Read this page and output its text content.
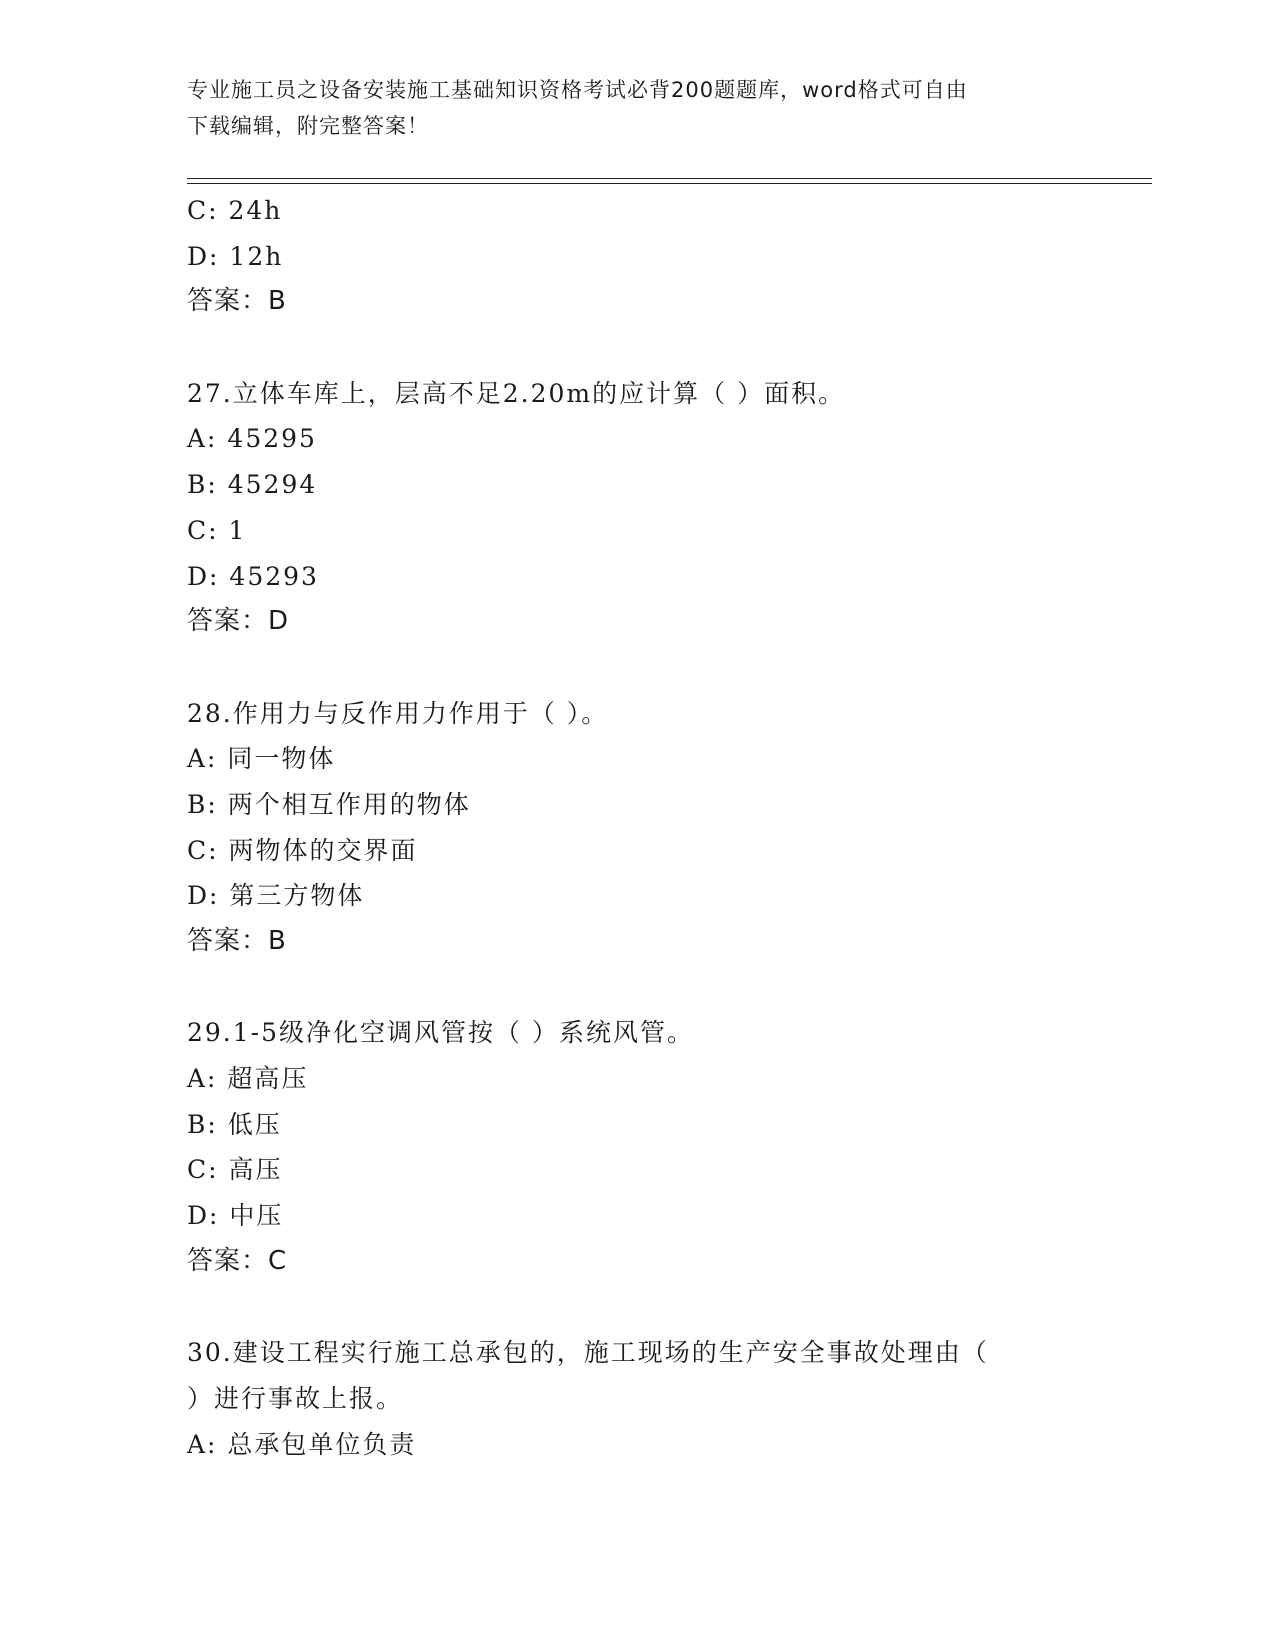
专业施工员之设备安装施工基础知识资格考试必背200题题库，word格式可自由
下载编辑，附完整答案！
C: 24h
D: 12h
答案：B
27.立体车库上，层高不足2.20m的应计算（ ）面积。
A: 45295
B: 45294
C: 1
D: 45293
答案：D
28.作用力与反作用力作用于（ ）。
A: 同一物体
B: 两个相互作用的物体
C: 两物体的交界面
D: 第三方物体
答案：B
29.1-5级净化空调风管按（ ）系统风管。
A: 超高压
B: 低压
C: 高压
D: 中压
答案：C
30.建设工程实行施工总承包的，施工现场的生产安全事故处理由（
）进行事故上报。
A: 总承包单位负责
